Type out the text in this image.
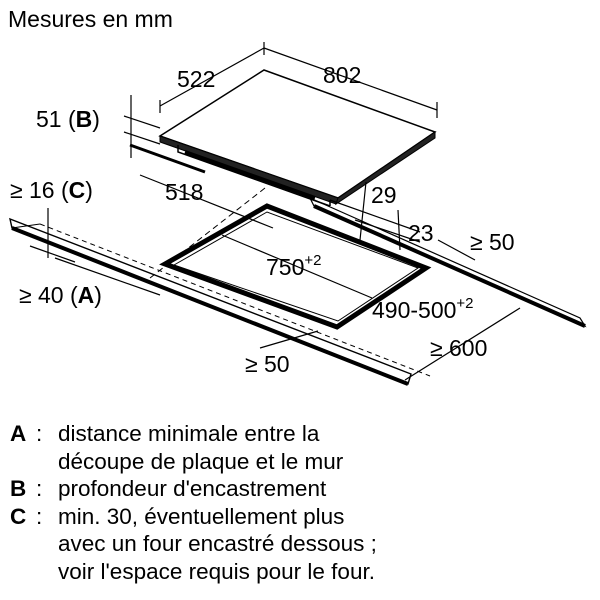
Mesures en mm
522	802
51 (B)
≥ 16 (C)	518	29
23 ≥ 50
$750^{+2}$
≥ 40 (A)
$490-500^{+2}$
≥ 600
≥ 50
A : distance minimale entre la
découpe de plaque et le mur
B : profondeur d'encastrement
C : min. 30, éventuellement plus
avec un four encastré dessous ;
voir l'espace requis pour le four.
